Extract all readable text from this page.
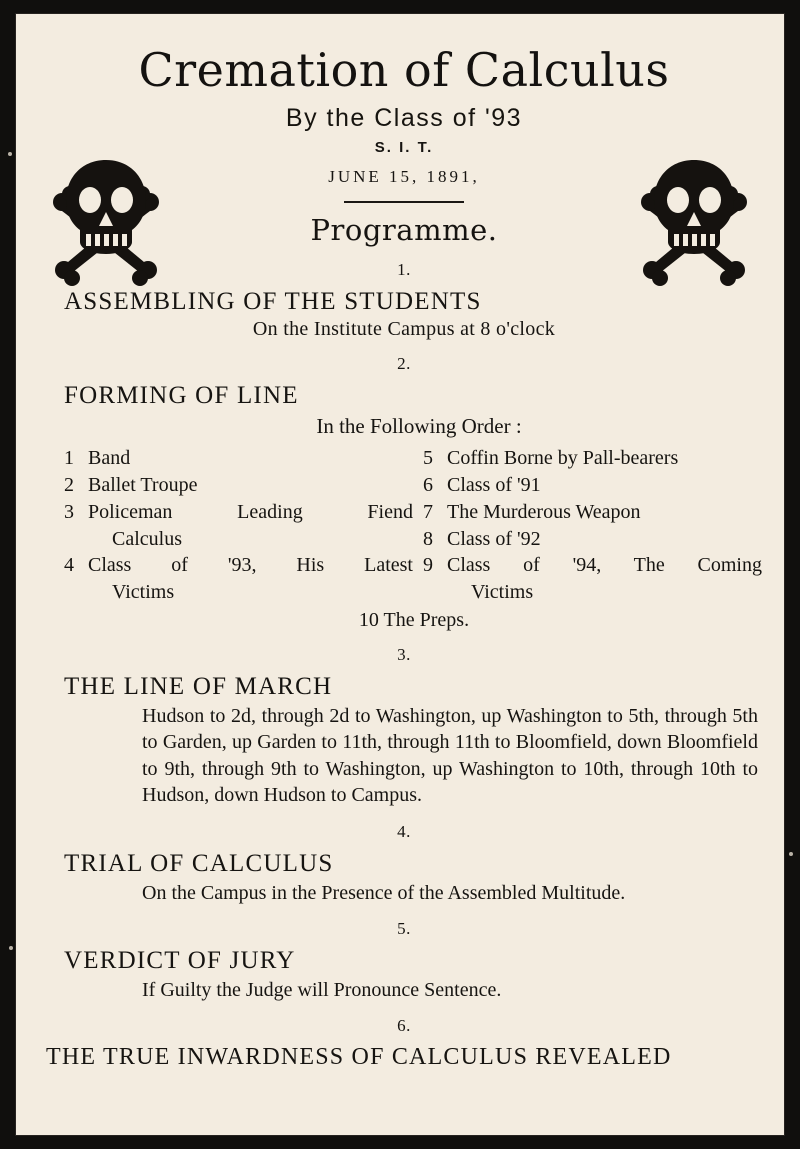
Cremation of Calculus
By the Class of '93
S. I. T.
JUNE 15, 1891,
Programme.
1.
ASSEMBLING OF THE STUDENTS
On the Institute Campus at 8 o'clock
2.
FORMING OF LINE
In the Following Order :
1 Band
2 Ballet Troupe
3 Policeman Leading Fiend
Calculus
4 Class of '93, His Latest
Victims
5 Coffin Borne by Pall-bearers
6 Class of '91
7 The Murderous Weapon
8 Class of '92
9 Class of '94, The Coming
Victims
10 The Preps.
3.
THE LINE OF MARCH
Hudson to 2d, through 2d to Washington, up Washington to 5th, through 5th to Garden, up Garden to 11th, through 11th to Bloomfield, down Bloomfield to 9th, through 9th to Washington, up Washington to 10th, through 10th to Hudson, down Hudson to Campus.
4.
TRIAL OF CALCULUS
On the Campus in the Presence of the Assembled Multitude.
5.
VERDICT OF JURY
If Guilty the Judge will Pronounce Sentence.
6.
THE TRUE INWARDNESS OF CALCULUS REVEALED
